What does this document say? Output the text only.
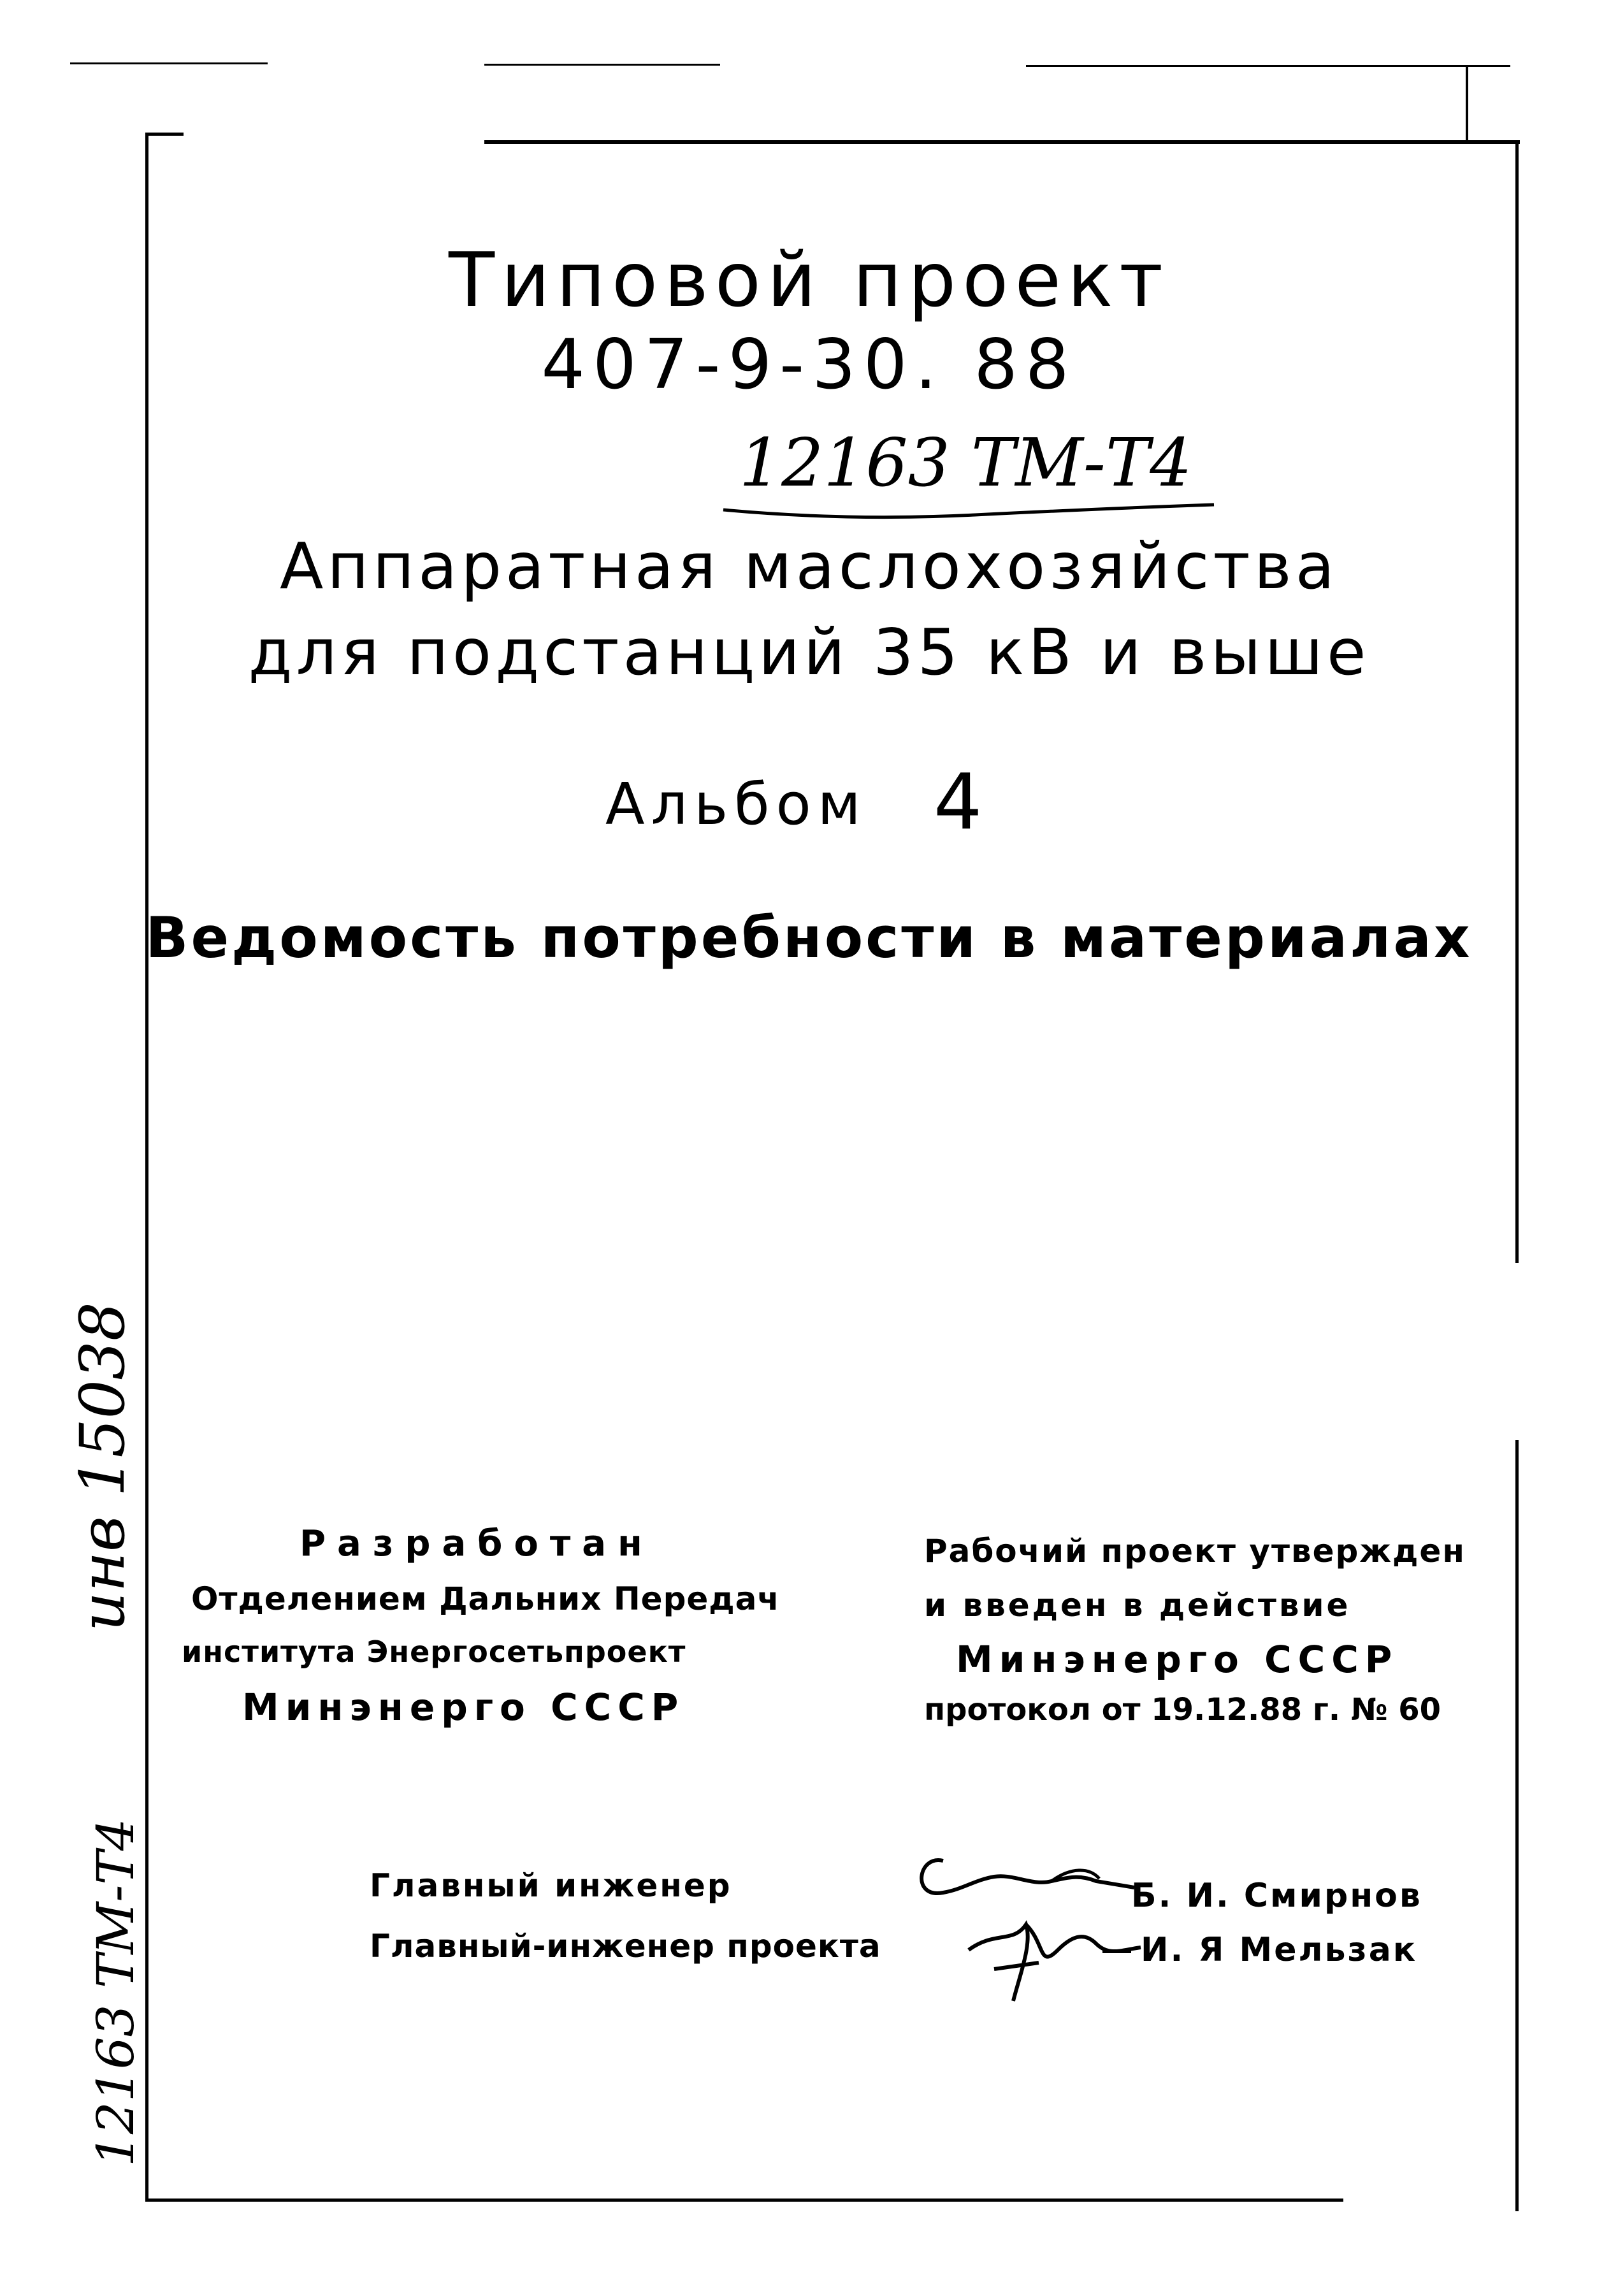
Типовой проект
407-9-30. 88
12163 ТМ-Т4
Аппаратная маслохозяйства
для подстанций 35 кВ и выше
Альбом 4
Ведомость потребности в материалах
Разработан
Отделением Дальних Передач
института Энергосетьпроект
Минэнерго СССР
Рабочий проект утвержден
и введен в действие
Минэнерго СССР
протокол от 19.12.88 г. № 60
Главный инженер	Б. И. Смирнов
Главный-инженер проекта	И. Я Мельзак
инв 15038
12163 ТМ-Т4
